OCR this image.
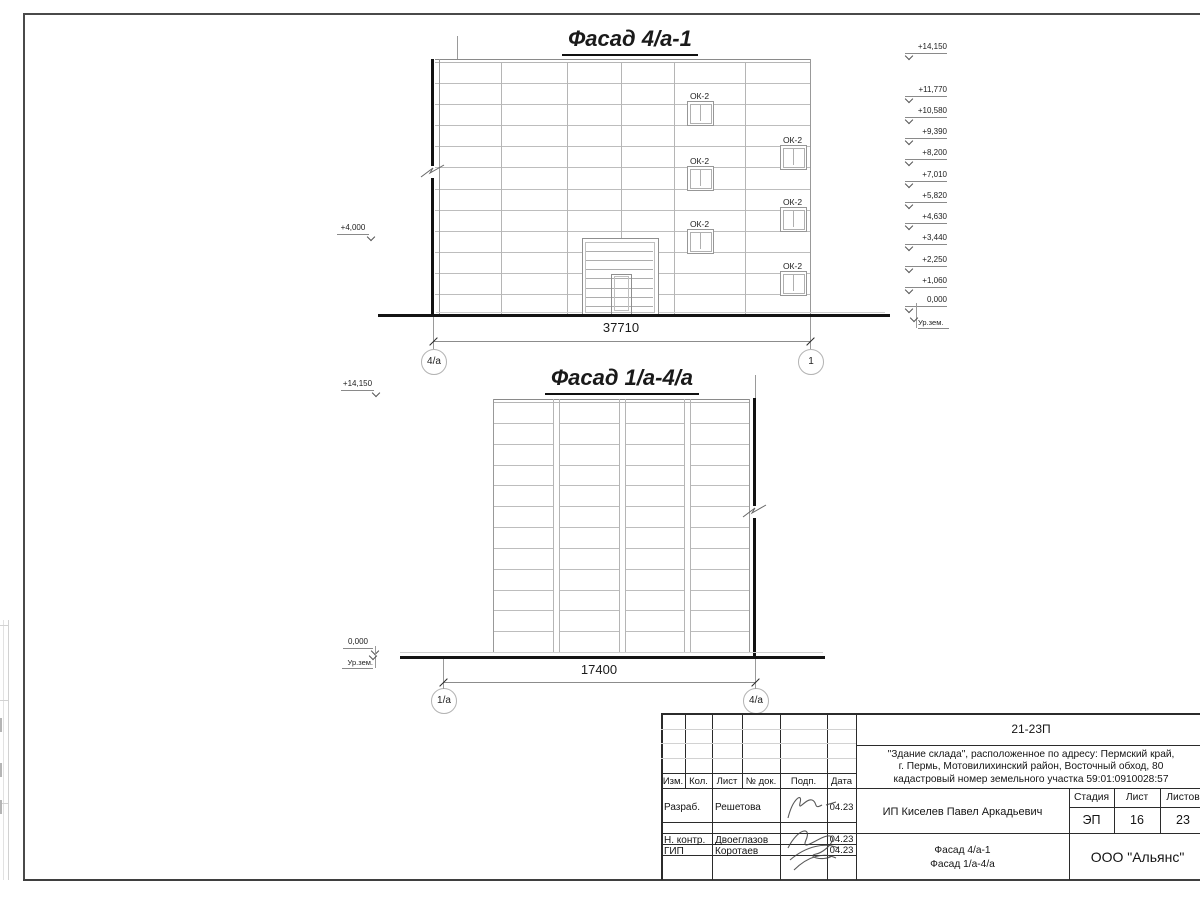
Фасад 4/а-1
Фасад 1/а-4/а
37710
17400
4/а	1
1/а	4/а
ОК-2
ОК-2
ОК-2
ОК-2
ОК-2
ОК-2
+14,150
+11,770
+10,580
+9,390
+8,200
+7,010
+5,820
+4,630
+3,440
+2,250
+1,060
0,000
Ур.зем.
+4,000
+14,150
0,000
Ур.зем.
Изм. Кол. Лист № док.	Подп.	Дата
Разраб. Решетова	04.23
Н. контр. Двоеглазов	04.23
ГИП	Коротаев	04.23
21-23П
"Здание склада", расположенное по адресу: Пермский край,
г. Пермь, Мотовилихинский район, Восточный обход, 80
кадастровый номер земельного участка 59:01:0910028:57
ИП Киселев Павел Аркадьевич
Фасад 4/а-1
Фасад 1/а-4/а
Стадия	Лист	Листов
ЭП	16	23
ООО "Альянс"
